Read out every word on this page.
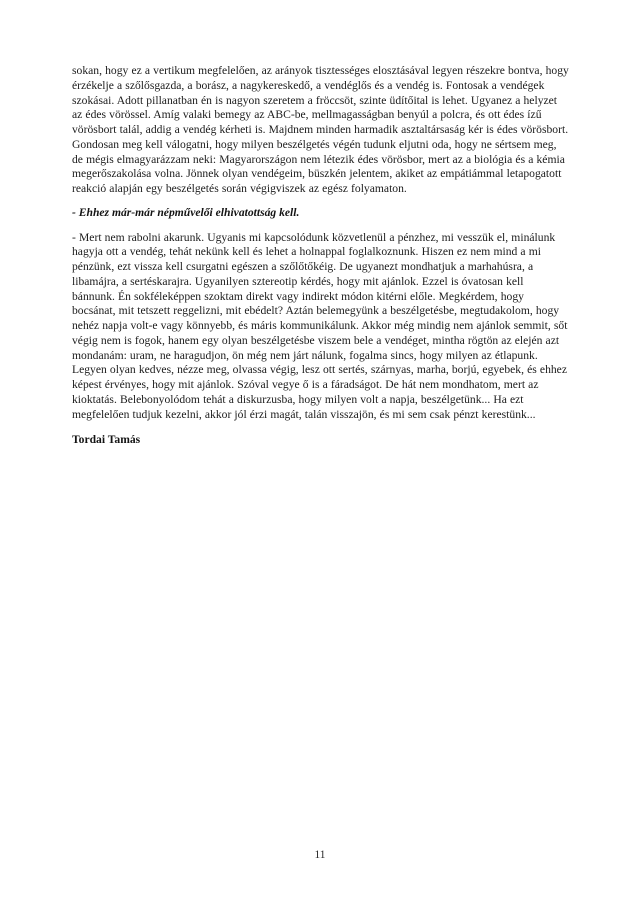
sokan, hogy ez a vertikum megfelelően, az arányok tisztességes elosztásával legyen részekre bontva, hogy érzékelje a szőlősgazda, a borász, a nagykereskedő, a vendéglős és a vendég is. Fontosak a vendégek szokásai. Adott pillanatban én is nagyon szeretem a fröccsöt, szinte üdítőital is lehet. Ugyanez a helyzet az édes vörössel. Amíg valaki bemegy az ABC-be, mellmagasságban benyúl a polcra, és ott édes ízű vörösbort talál, addig a vendég kérheti is. Majdnem minden harmadik asztaltársaság kér is édes vörösbort. Gondosan meg kell válogatni, hogy milyen beszélgetés végén tudunk eljutni oda, hogy ne sértsem meg, de mégis elmagyarázzam neki: Magyarországon nem létezik édes vörösbor, mert az a biológia és a kémia megerőszakolása volna. Jönnek olyan vendégeim, büszkén jelentem, akiket az empátiámmal letapogatott reakció alapján egy beszélgetés során végigviszek az egész folyamaton.

- Ehhez már-már népművelői elhivatottság kell.

- Mert nem rabolni akarunk. Ugyanis mi kapcsolódunk közvetlenül a pénzhez, mi vesszük el, minálunk hagyja ott a vendég, tehát nekünk kell és lehet a holnappal foglalkoznunk. Hiszen ez nem mind a mi pénzünk, ezt vissza kell csurgatni egészen a szőlőtőkéig. De ugyanezt mondhatjuk a marhahúsra, a libamájra, a sertéskarajra. Ugyanilyen sztereotip kérdés, hogy mit ajánlok. Ezzel is óvatosan kell bánnunk. Én sokféleképpen szoktam direkt vagy indirekt módon kitérni előle. Megkérdem, hogy bocsánat, mit tetszett reggelizni, mit ebédelt? Aztán belemegyünk a beszélgetésbe, megtudakolom, hogy nehéz napja volt-e vagy könnyebb, és máris kommunikálunk. Akkor még mindig nem ajánlok semmit, sőt végig nem is fogok, hanem egy olyan beszélgetésbe viszem bele a vendéget, mintha rögtön az elején azt mondanám: uram, ne haragudjon, ön még nem járt nálunk, fogalma sincs, hogy milyen az étlapunk. Legyen olyan kedves, nézze meg, olvassa végig, lesz ott sertés, szárnyas, marha, borjú, egyebek, és ehhez képest érvényes, hogy mit ajánlok. Szóval vegye ő is a fáradságot. De hát nem mondhatom, mert az kioktatás. Belebonyolódom tehát a diskurzusba, hogy milyen volt a napja, beszélgetünk... Ha ezt megfelelően tudjuk kezelni, akkor jól érzi magát, talán visszajön, és mi sem csak pénzt kerestünk...

Tordai Tamás

11
